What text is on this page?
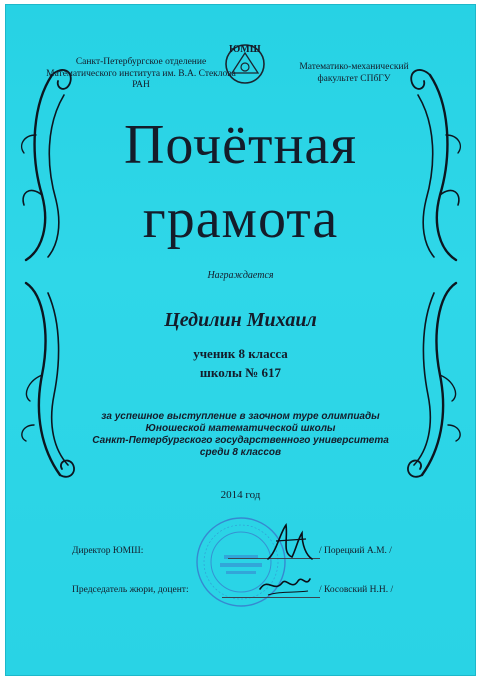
Санкт-Петербургское отделение Математического института им. В.А. Стеклова РАН
ЮМШ
Математико-механический факультет СПбГУ
Почётная
грамота
Награждается
Цедилин Михаил
ученик 8 класса
школы № 617
за успешное выступление в заочном туре олимпиады
Юношеской математической школы
Санкт-Петербургского государственного университета
среди 8 классов
2014 год
Директор ЮМШ:	/ Порецкий А.М. /
Председатель жюри, доцент:	/ Косовский Н.Н. /
